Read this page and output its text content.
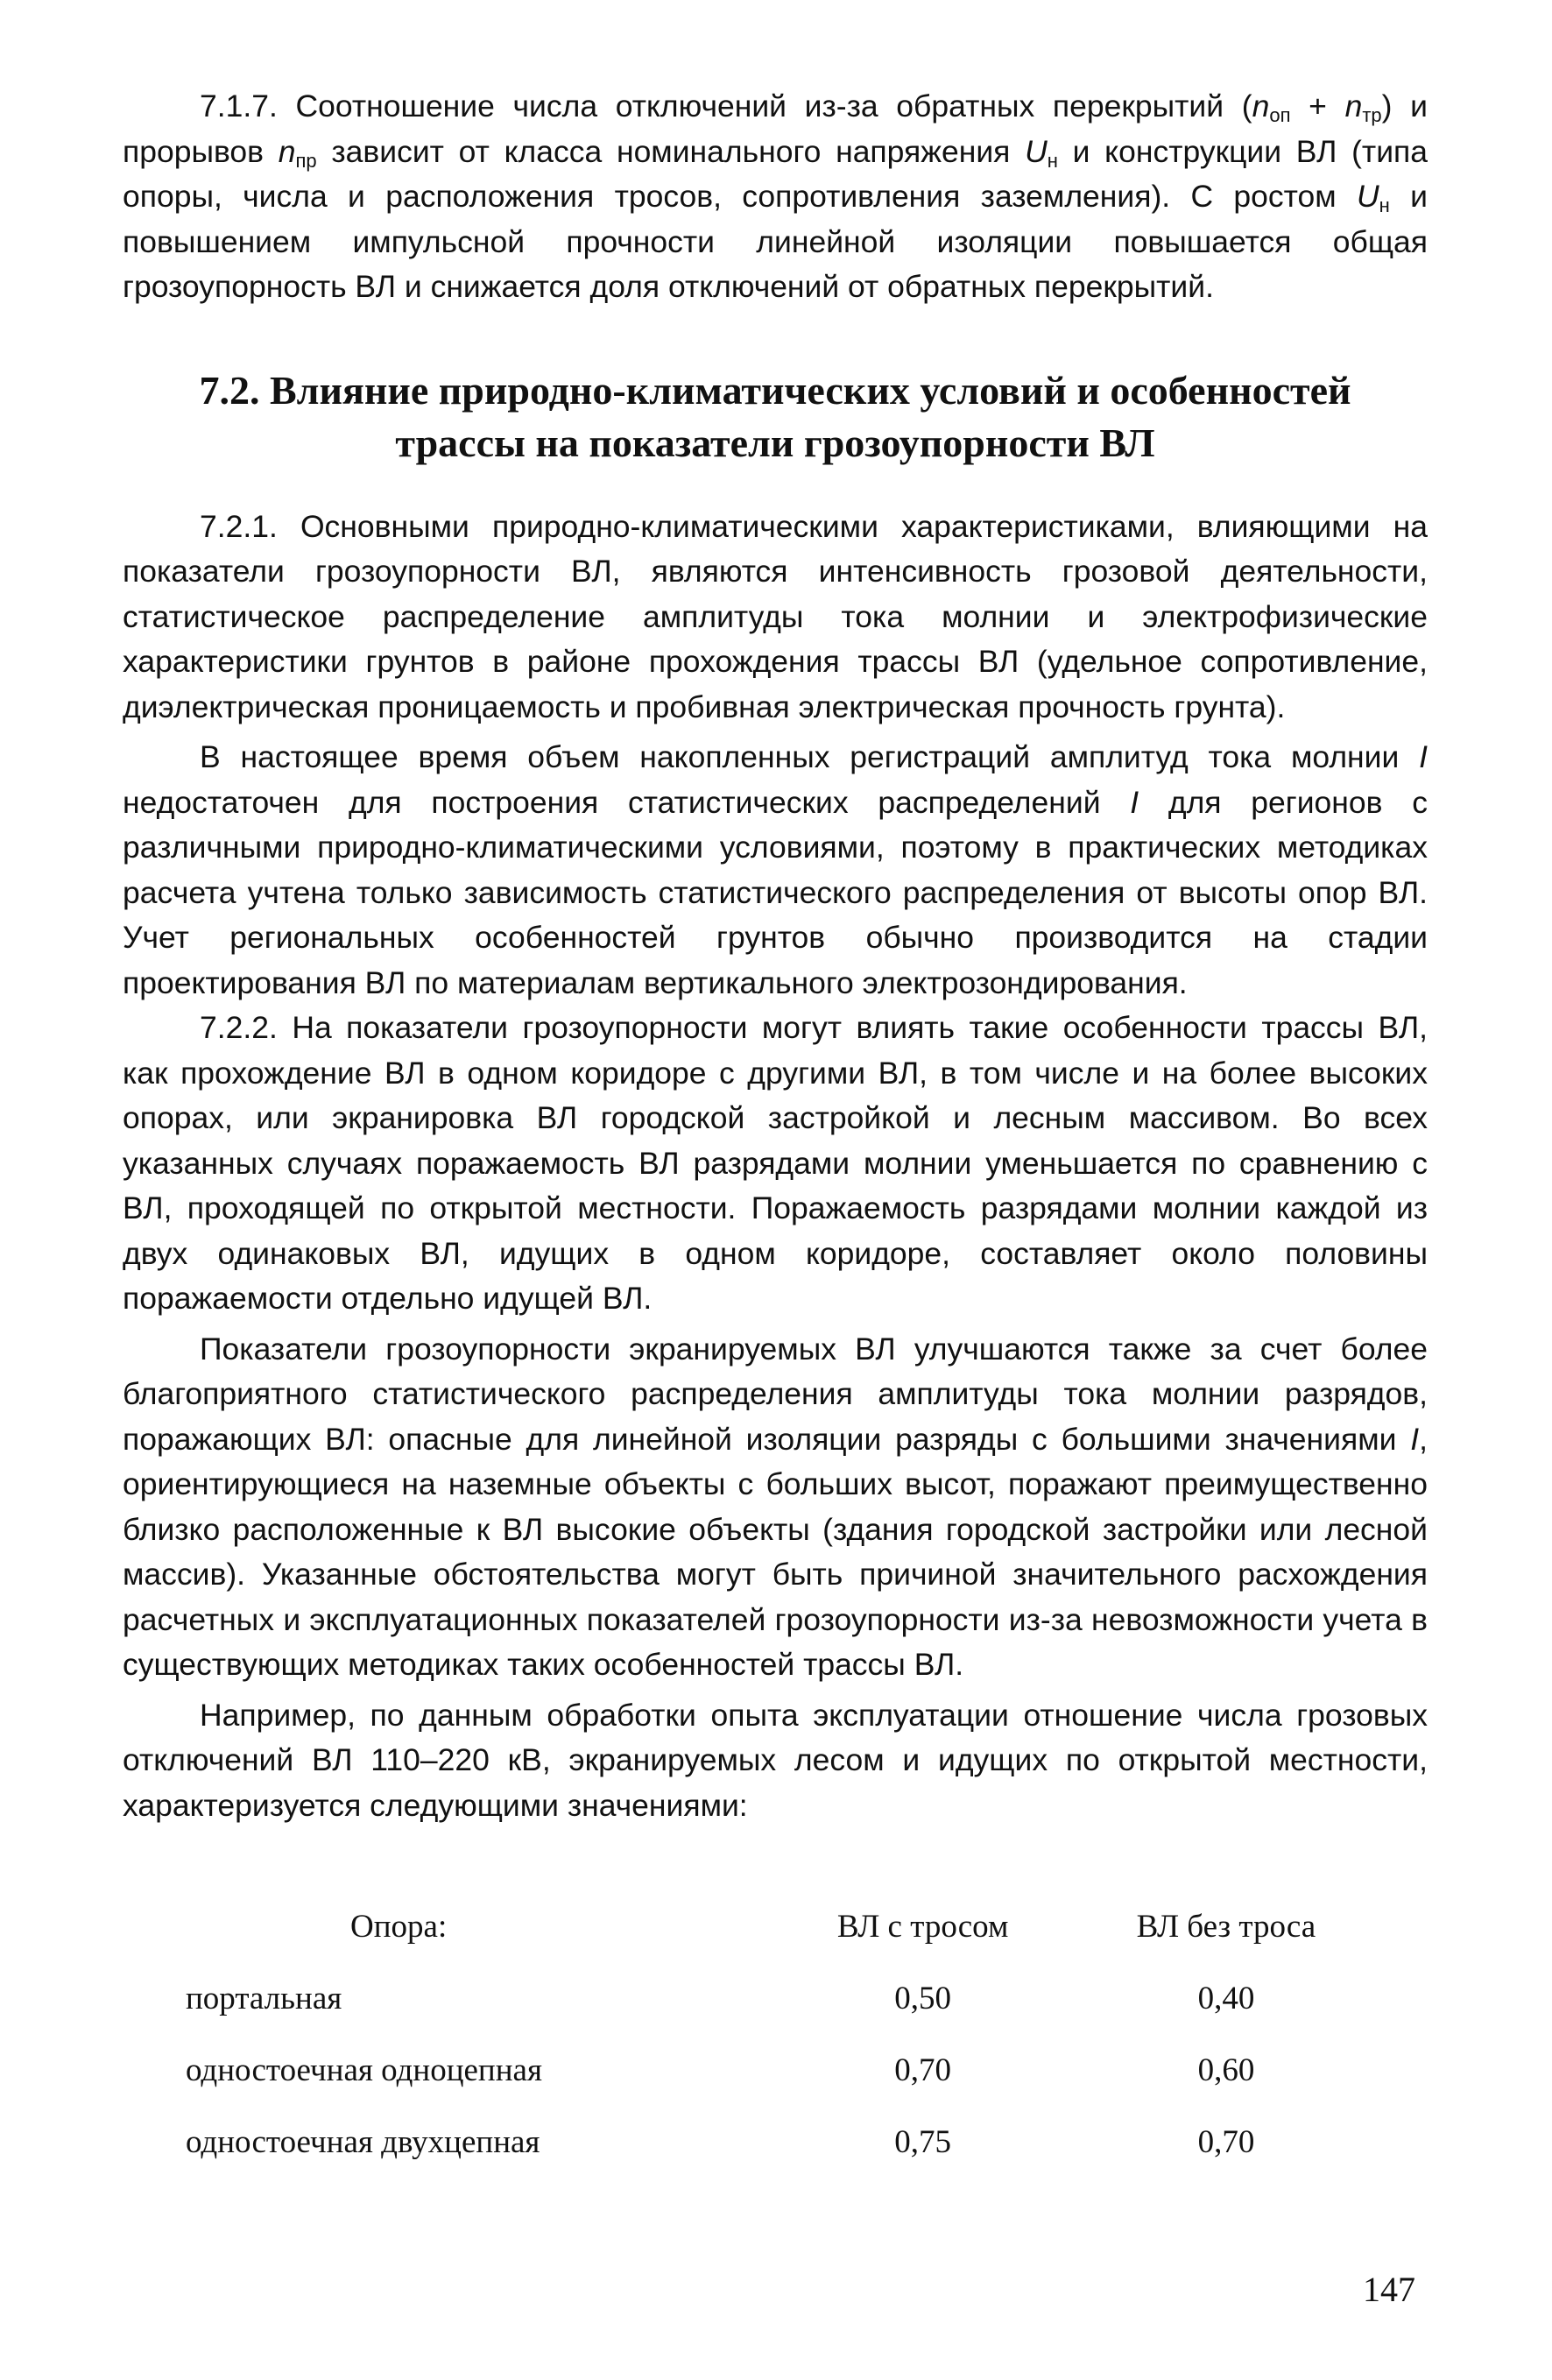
7.1.7. Соотношение числа отключений из-за обратных перекрытий $(n_{оп} + n_{тр})$ и прорывов $n_{пр}$ зависит от класса номинального напряжения $U_н$ и конструкции ВЛ (типа опоры, числа и расположения тросов, сопротивления заземления). С ростом $U_н$ и повышением импульсной прочности линейной изоляции повышается общая грозоупорность ВЛ и снижается доля отключений от обратных перекрытий.

7.2. Влияние природно-климатических условий и особенностей
трассы на показатели грозоупорности ВЛ

7.2.1. Основными природно-климатическими характеристиками, влияющими на показатели грозоупорности ВЛ, являются интенсивность грозовой деятельности, статистическое распределение амплитуды тока молнии и электрофизические характеристики грунтов в районе прохождения трассы ВЛ (удельное сопротивление, диэлектрическая проницаемость и пробивная электрическая прочность грунта).

В настоящее время объем накопленных регистраций амплитуд тока молнии I недостаточен для построения статистических распределений I для регионов с различными природно-климатическими условиями, поэтому в практических методиках расчета учтена только зависимость статистического распределения от высоты опор ВЛ. Учет региональных особенностей грунтов обычно производится на стадии проектирования ВЛ по материалам вертикального электрозондирования.

7.2.2. На показатели грозоупорности могут влиять такие особенности трассы ВЛ, как прохождение ВЛ в одном коридоре с другими ВЛ, в том числе и на более высоких опорах, или экранировка ВЛ городской застройкой и лесным массивом. Во всех указанных случаях поражаемость ВЛ разрядами молнии уменьшается по сравнению с ВЛ, проходящей по открытой местности. Поражаемость разрядами молнии каждой из двух одинаковых ВЛ, идущих в одном коридоре, составляет около половины поражаемости отдельно идущей ВЛ.

Показатели грозоупорности экранируемых ВЛ улучшаются также за счет более благоприятного статистического распределения амплитуды тока молнии разрядов, поражающих ВЛ: опасные для линейной изоляции разряды с большими значениями I, ориентирующиеся на наземные объекты с больших высот, поражают преимущественно близко расположенные к ВЛ высокие объекты (здания городской застройки или лесной массив). Указанные обстоятельства могут быть причиной значительного расхождения расчетных и эксплуатационных показателей грозоупорности из-за невозможности учета в существующих методиках таких особенностей трассы ВЛ.

Например, по данным обработки опыта эксплуатации отношение числа грозовых отключений ВЛ 110–220 кВ, экранируемых лесом и идущих по открытой местности, характеризуется следующими значениями:

Опора:	ВЛ с тросом	ВЛ без троса
портальная	0,50	0,40
одностоечная одноцепная	0,70	0,60
одностоечная двухцепная	0,75	0,70
147
